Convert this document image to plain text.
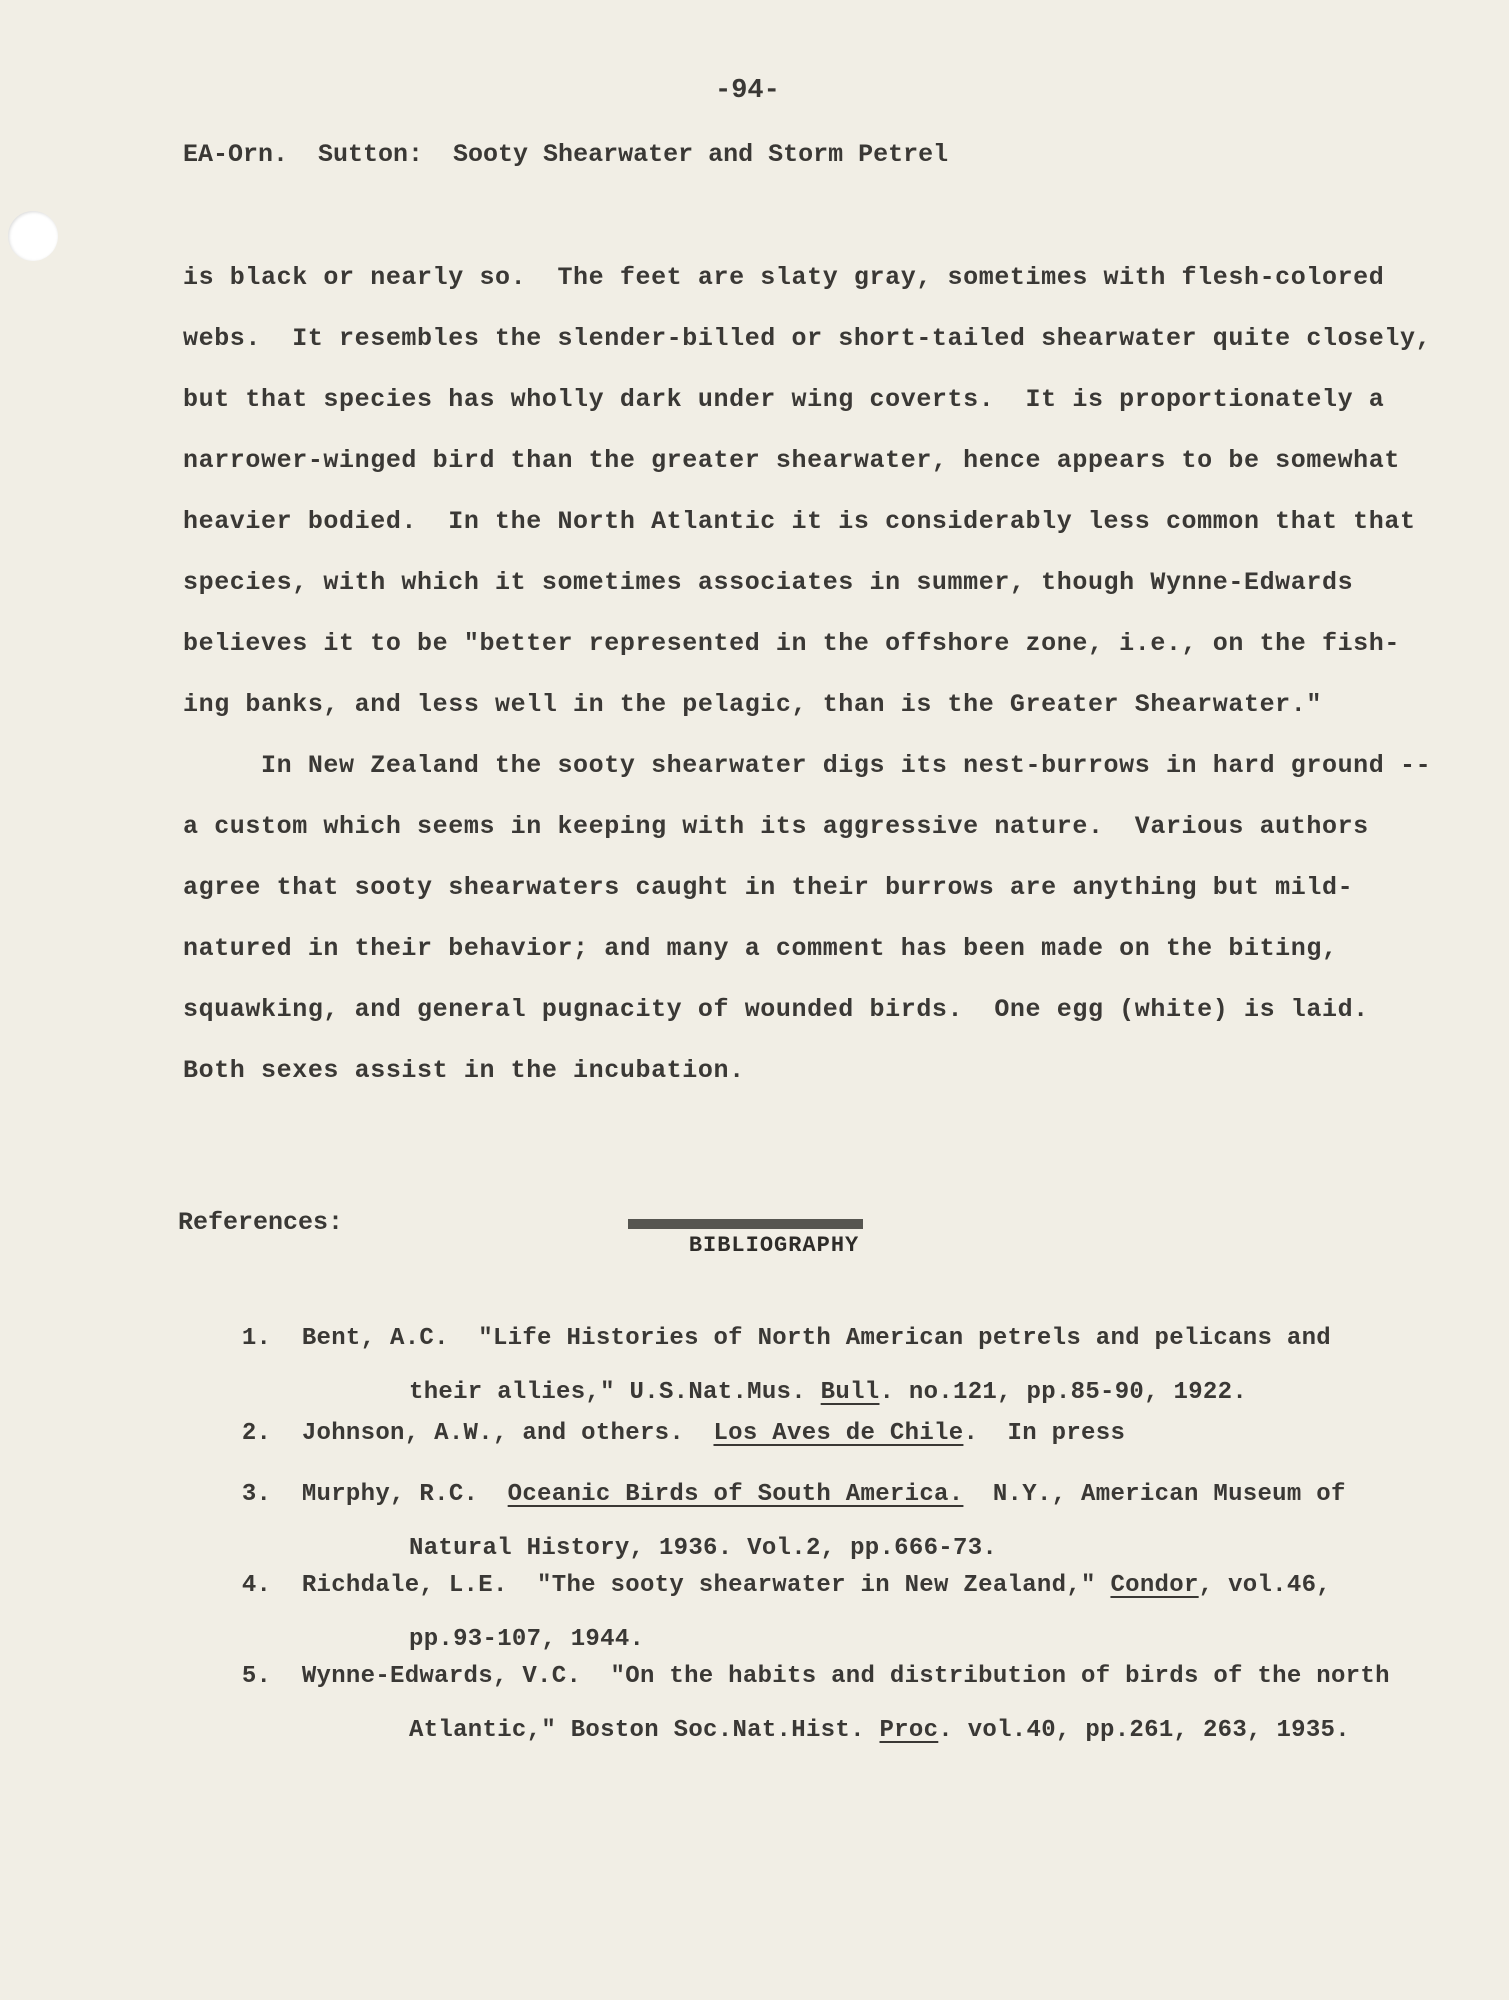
-94-
EA-Orn.  Sutton:  Sooty Shearwater and Storm Petrel
is black or nearly so.  The feet are slaty gray, sometimes with flesh-colored
webs.  It resembles the slender-billed or short-tailed shearwater quite closely,
but that species has wholly dark under wing coverts.  It is proportionately a
narrower-winged bird than the greater shearwater, hence appears to be somewhat
heavier bodied.  In the North Atlantic it is considerably less common that that
species, with which it sometimes associates in summer, though Wynne-Edwards
believes it to be "better represented in the offshore zone, i.e., on the fish-
ing banks, and less well in the pelagic, than is the Greater Shearwater."
In New Zealand the sooty shearwater digs its nest-burrows in hard ground --
a custom which seems in keeping with its aggressive nature.  Various authors
agree that sooty shearwaters caught in their burrows are anything but mild-
natured in their behavior; and many a comment has been made on the biting,
squawking, and general pugnacity of wounded birds.  One egg (white) is laid.
Both sexes assist in the incubation.
References:

BIBLIOGRAPHY

1. Bent, A.C.  "Life Histories of North American petrels and pelicans and

their allies," U.S.Nat.Mus. Bull. no.121, pp.85-90, 1922.

2. Johnson, A.W., and others.  Los Aves de Chile.  In press

3. Murphy, R.C.  Oceanic Birds of South America.  N.Y., American Museum of

Natural History, 1936. Vol.2, pp.666-73.

4. Richdale, L.E.  "The sooty shearwater in New Zealand," Condor, vol.46,

pp.93-107, 1944.

5. Wynne-Edwards, V.C.  "On the habits and distribution of birds of the north

Atlantic," Boston Soc.Nat.Hist. Proc. vol.40, pp.261, 263, 1935.
